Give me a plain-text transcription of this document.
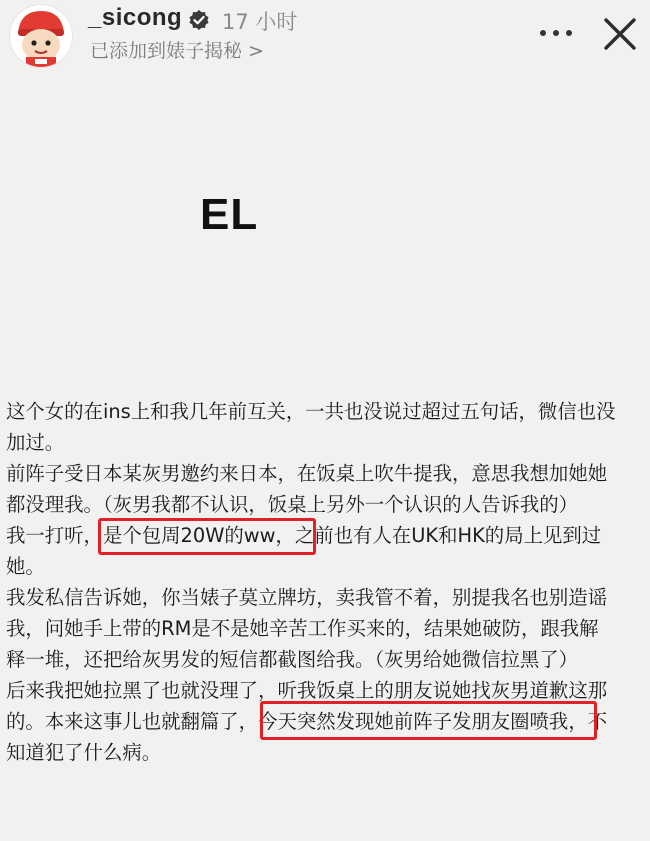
_sicong 17 小时
已添加到婊子揭秘 >
EL
这个女的在ins上和我几年前互关，一共也没说过超过五句话，微信也没
加过。
前阵子受日本某灰男邀约来日本，在饭桌上吹牛提我，意思我想加她她
都没理我。（灰男我都不认识，饭桌上另外一个认识的人告诉我的）
我一打听，是个包周20W的ww，之前也有人在UK和HK的局上见到过
她。
我发私信告诉她，你当婊子莫立牌坊，卖我管不着，别提我名也别造谣
我，问她手上带的RM是不是她辛苦工作买来的，结果她破防，跟我解
释一堆，还把给灰男发的短信都截图给我。（灰男给她微信拉黑了）
后来我把她拉黑了也就没理了，听我饭桌上的朋友说她找灰男道歉这那
的。本来这事儿也就翻篇了，今天突然发现她前阵子发朋友圈喷我，不
知道犯了什么病。
